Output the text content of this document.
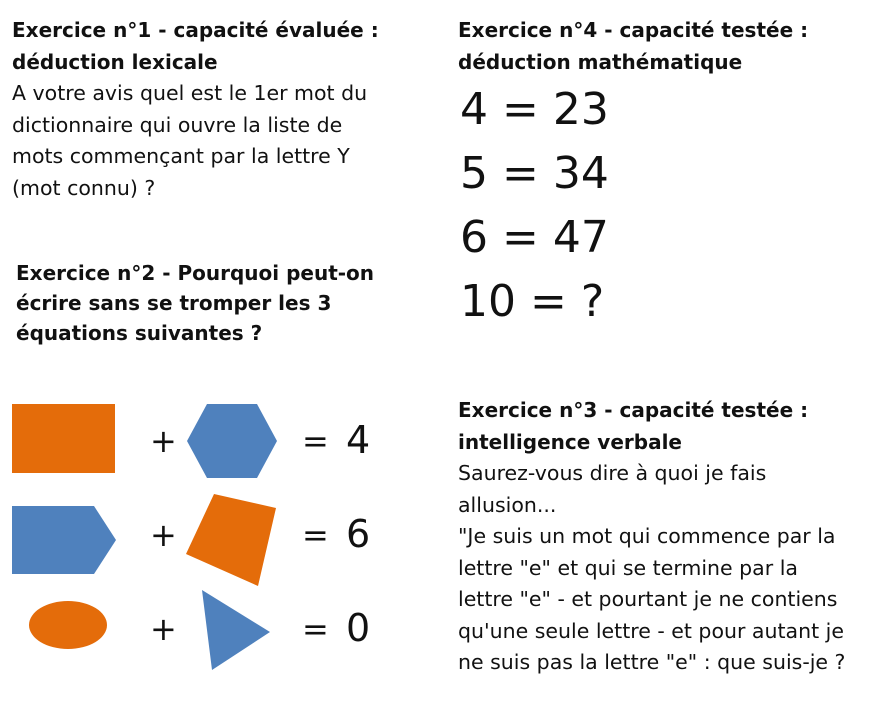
Exercice n°1 - capacité évaluée :
déduction lexicale
A votre avis quel est le 1er mot du
dictionnaire qui ouvre la liste de
mots commençant par la lettre Y
(mot connu) ?
Exercice n°2 - Pourquoi peut-on
écrire sans se tromper les 3
équations suivantes ?
+	= 4
+	= 6
+	= 0
Exercice n°4 - capacité testée :
déduction mathématique
4 = 23
5 = 34
6 = 47
10 = ?
Exercice n°3 - capacité testée :
intelligence verbale
Saurez-vous dire à quoi je fais
allusion...
"Je suis un mot qui commence par la
lettre "e" et qui se termine par la
lettre "e" - et pourtant je ne contiens
qu'une seule lettre - et pour autant je
ne suis pas la lettre "e" : que suis-je ?
